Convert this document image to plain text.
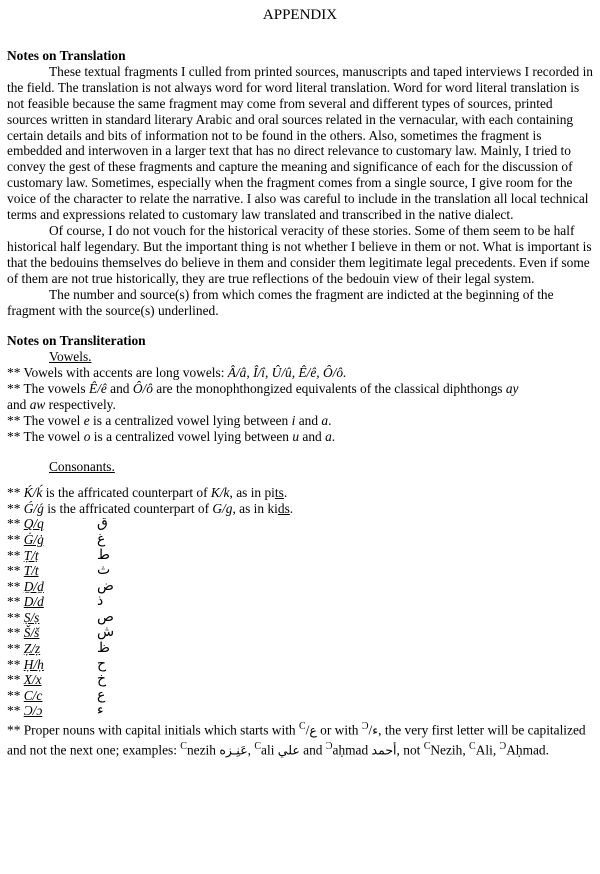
APPENDIX
Notes on Translation

These textual fragments I culled from printed sources, manuscripts and taped interviews I recorded in the field. The translation is not always word for word literal translation. Word for word literal translation is not feasible because the same fragment may come from several and different types of sources, printed sources written in standard literary Arabic and oral sources related in the vernacular, with each containing certain details and bits of information not to be found in the others. Also, sometimes the fragment is embedded and interwoven in a larger text that has no direct relevance to customary law. Mainly, I tried to convey the gest of these fragments and capture the meaning and significance of each for the discussion of customary law. Sometimes, especially when the fragment comes from a single source, I give room for the voice of the character to relate the narrative. I also was careful to include in the translation all local technical terms and expressions related to customary law translated and transcribed in the native dialect.

Of course, I do not vouch for the historical veracity of these stories. Some of them seem to be half historical half legendary. But the important thing is not whether I believe in them or not. What is important is that the bedouins themselves do believe in them and consider them legitimate legal precedents. Even if some of them are not true historically, they are true reflections of the bedouin view of their legal system.

The number and source(s) from which comes the fragment are indicted at the beginning of the fragment with the source(s) underlined.

Notes on Transliteration
Vowels.

** Vowels with accents are long vowels: Â/â, Î/î, Û/û, Ê/ê, Ô/ô.

** The vowels Ê/ê and Ô/ô are the monophthongized equivalents of the classical diphthongs ay
and aw respectively.

** The vowel e is a centralized vowel lying between i and a.

** The vowel o is a centralized vowel lying between u and a.

Consonants.

** Ḱ/ḱ is the affricated counterpart of K/k, as in pits.

** Ǵ/ǵ is the affricated counterpart of G/g, as in kids.

** Q/q	ق
** Ġ/ġ	غ
** Ṭ/ṭ	ط
** Ṯ/ṯ	ث
** Ḏ/ḏ	ض
** Ḏ/ḏ	ذ
** Ṣ/ṣ	ص
** Š/š	ش
** Ẓ/ẓ	ظ
** Ḥ/ḥ	ح
** X/x	خ
** C/c	ع
** Ɔ/ɔ	ء

** Proper nouns with capital initials which starts with $^C$/ع or with $^Ɔ$/ء, the very first letter will be capitalized and not the next one; examples: $^C$nezih عَنِـزه, $^C$ali علي and $^Ɔ$aḥmad أحمد, not $^C$Nezih, $^C$Ali, $^Ɔ$Aḥmad.
